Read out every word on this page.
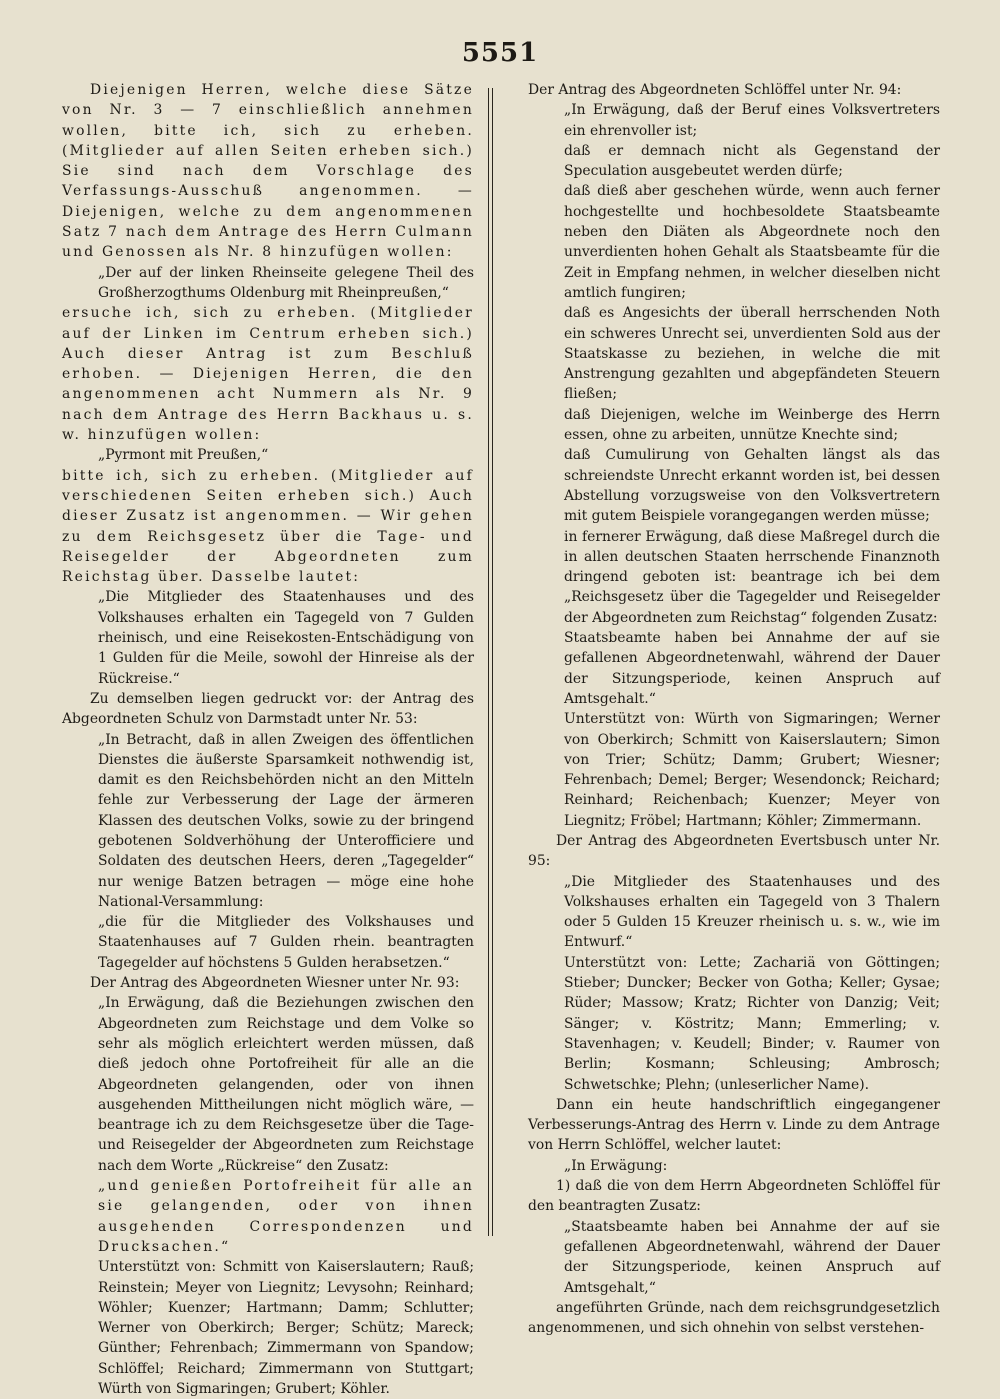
5551

Diejenigen Herren, welche diese Sätze von Nr. 3 — 7 einschließlich annehmen wollen, bitte ich, sich zu erheben. (Mitglieder auf allen Seiten erheben sich.) Sie sind nach dem Vorschlage des Verfassungs-Ausschuß angenommen. — Diejenigen, welche zu dem angenommenen Satz 7 nach dem Antrage des Herrn Culmann und Genossen als Nr. 8 hinzufügen wollen:

„Der auf der linken Rheinseite gelegene Theil des Großherzogthums Oldenburg mit Rheinpreußen,“

ersuche ich, sich zu erheben. (Mitglieder auf der Linken im Centrum erheben sich.) Auch dieser Antrag ist zum Beschluß erhoben. — Diejenigen Herren, die den angenommenen acht Nummern als Nr. 9 nach dem Antrage des Herrn Backhaus u. s. w. hinzufügen wollen:

„Pyrmont mit Preußen,“

bitte ich, sich zu erheben. (Mitglieder auf verschiedenen Seiten erheben sich.) Auch dieser Zusatz ist angenommen. — Wir gehen zu dem Reichsgesetz über die Tage- und Reisegelder der Abgeordneten zum Reichstag über. Dasselbe lautet:

„Die Mitglieder des Staatenhauses und des Volkshauses erhalten ein Tagegeld von 7 Gulden rheinisch, und eine Reisekosten-Entschädigung von 1 Gulden für die Meile, sowohl der Hinreise als der Rückreise.“

Zu demselben liegen gedruckt vor: der Antrag des Abgeordneten Schulz von Darmstadt unter Nr. 53:

„In Betracht, daß in allen Zweigen des öffentlichen Dienstes die äußerste Sparsamkeit nothwendig ist, damit es den Reichsbehörden nicht an den Mitteln fehle zur Verbesserung der Lage der ärmeren Klassen des deutschen Volks, sowie zu der bringend gebotenen Soldverhöhung der Unterofficiere und Soldaten des deutschen Heers, deren „Tagegelder“ nur wenige Batzen betragen — möge eine hohe National-Versammlung:

„die für die Mitglieder des Volkshauses und Staatenhauses auf 7 Gulden rhein. beantragten Tagegelder auf höchstens 5 Gulden herabsetzen.“

Der Antrag des Abgeordneten Wiesner unter Nr. 93:

„In Erwägung, daß die Beziehungen zwischen den Abgeordneten zum Reichstage und dem Volke so sehr als möglich erleichtert werden müssen, daß dieß jedoch ohne Portofreiheit für alle an die Abgeordneten gelangenden, oder von ihnen ausgehenden Mittheilungen nicht möglich wäre, — beantrage ich zu dem Reichsgesetze über die Tage- und Reisegelder der Abgeordneten zum Reichstage nach dem Worte „Rückreise“ den Zusatz:

„und genießen Portofreiheit für alle an sie gelangenden, oder von ihnen ausgehenden Correspondenzen und Drucksachen.“

Unterstützt von: Schmitt von Kaiserslautern; Rauß; Reinstein; Meyer von Liegnitz; Levysohn; Reinhard; Wöhler; Kuenzer; Hartmann; Damm; Schlutter; Werner von Oberkirch; Berger; Schütz; Mareck; Günther; Fehrenbach; Zimmermann von Spandow; Schlöffel; Reichard; Zimmermann von Stuttgart; Würth von Sigmaringen; Grubert; Köhler.

Der Antrag des Abgeordneten Schlöffel unter Nr. 94:

„In Erwägung, daß der Beruf eines Volksvertreters ein ehrenvoller ist;

daß er demnach nicht als Gegenstand der Speculation ausgebeutet werden dürfe;

daß dieß aber geschehen würde, wenn auch ferner hochgestellte und hochbesoldete Staatsbeamte neben den Diäten als Abgeordnete noch den unverdienten hohen Gehalt als Staatsbeamte für die Zeit in Empfang nehmen, in welcher dieselben nicht amtlich fungiren;

daß es Angesichts der überall herrschenden Noth ein schweres Unrecht sei, unverdienten Sold aus der Staatskasse zu beziehen, in welche die mit Anstrengung gezahlten und abgepfändeten Steuern fließen;

daß Diejenigen, welche im Weinberge des Herrn essen, ohne zu arbeiten, unnütze Knechte sind;

daß Cumulirung von Gehalten längst als das schreiendste Unrecht erkannt worden ist, bei dessen Abstellung vorzugsweise von den Volksvertretern mit gutem Beispiele vorangegangen werden müsse;

in fernerer Erwägung, daß diese Maßregel durch die in allen deutschen Staaten herrschende Finanznoth dringend geboten ist: beantrage ich bei dem „Reichsgesetz über die Tagegelder und Reisegelder der Abgeordneten zum Reichstag“ folgenden Zusatz:

Staatsbeamte haben bei Annahme der auf sie gefallenen Abgeordnetenwahl, während der Dauer der Sitzungsperiode, keinen Anspruch auf Amtsgehalt.“

Unterstützt von: Würth von Sigmaringen; Werner von Oberkirch; Schmitt von Kaiserslautern; Simon von Trier; Schütz; Damm; Grubert; Wiesner; Fehrenbach; Demel; Berger; Wesendonck; Reichard; Reinhard; Reichenbach; Kuenzer; Meyer von Liegnitz; Fröbel; Hartmann; Köhler; Zimmermann.

Der Antrag des Abgeordneten Evertsbusch unter Nr. 95:

„Die Mitglieder des Staatenhauses und des Volkshauses erhalten ein Tagegeld von 3 Thalern oder 5 Gulden 15 Kreuzer rheinisch u. s. w., wie im Entwurf.“

Unterstützt von: Lette; Zachariä von Göttingen; Stieber; Duncker; Becker von Gotha; Keller; Gysae; Rüder; Massow; Kratz; Richter von Danzig; Veit; Sänger; v. Köstritz; Mann; Emmerling; v. Stavenhagen; v. Keudell; Binder; v. Raumer von Berlin; Kosmann; Schleusing; Ambrosch; Schwetschke; Plehn; (unleserlicher Name).

Dann ein heute handschriftlich eingegangener Verbesserungs-Antrag des Herrn v. Linde zu dem Antrage von Herrn Schlöffel, welcher lautet:

„In Erwägung:

1) daß die von dem Herrn Abgeordneten Schlöffel für den beantragten Zusatz:

„Staatsbeamte haben bei Annahme der auf sie gefallenen Abgeordnetenwahl, während der Dauer der Sitzungsperiode, keinen Anspruch auf Amtsgehalt,“

angeführten Gründe, nach dem reichsgrundgesetzlich angenommenen, und sich ohnehin von selbst verstehen-
